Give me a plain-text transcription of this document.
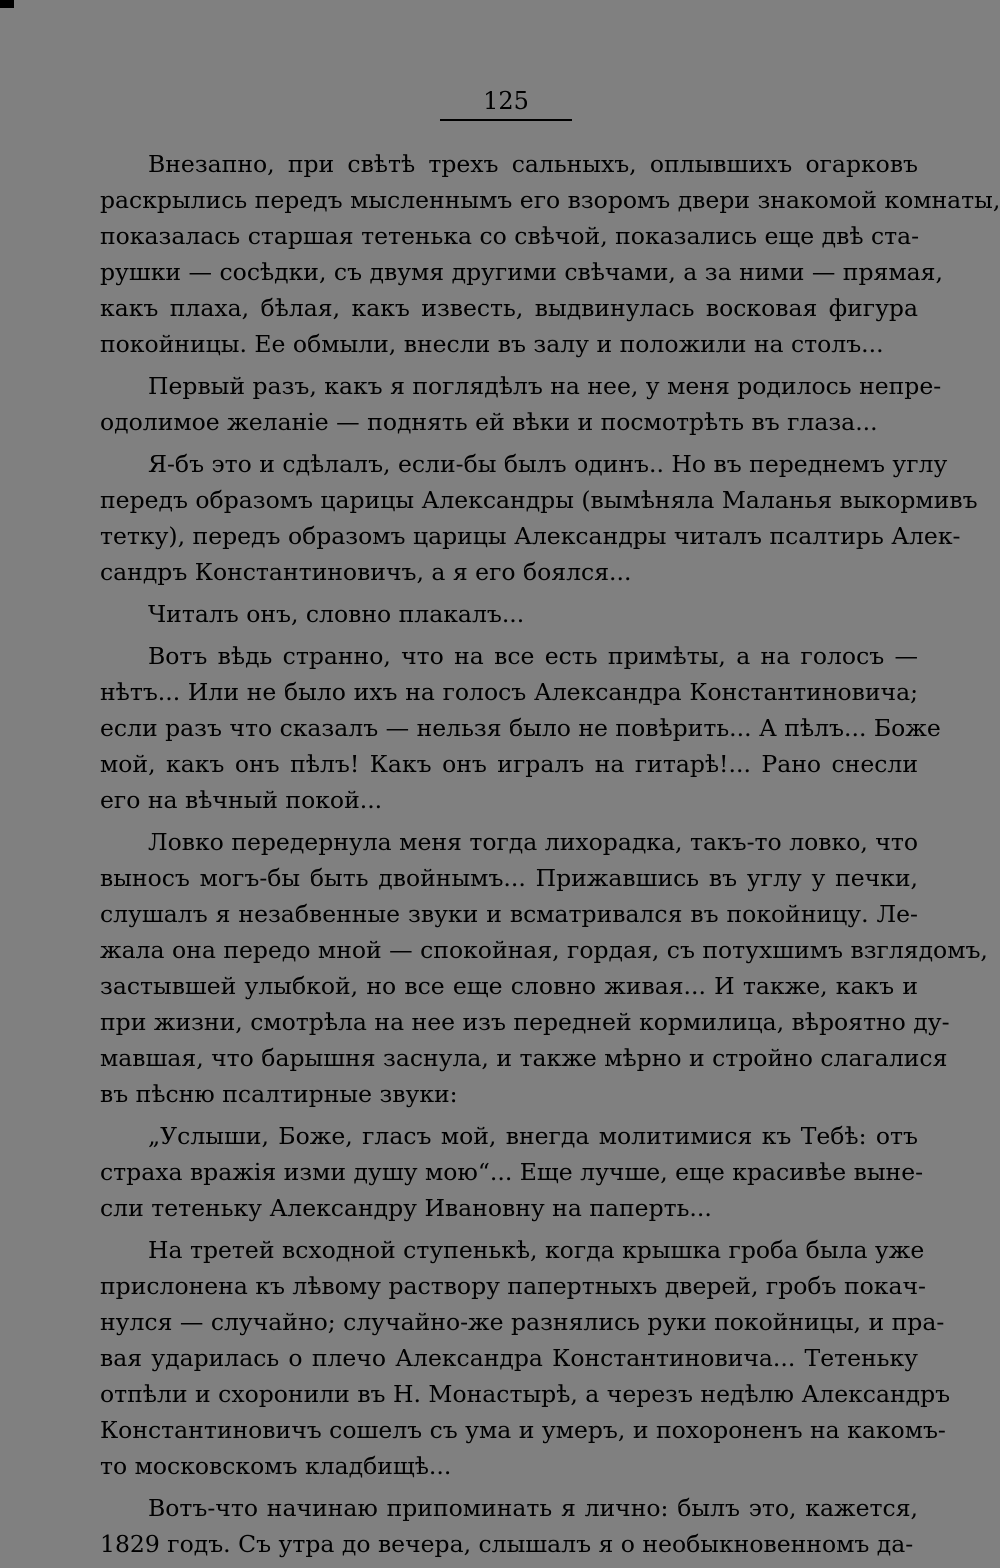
125
Внезапно, при свѣтѣ трехъ сальныхъ, оплывшихъ огарковъ
раскрылись передъ мысленнымъ его взоромъ двери знакомой комнаты,
показалась старшая тетенька со свѣчой, показались еще двѣ ста-
рушки — сосѣдки, съ двумя другими свѣчами, а за ними — прямая,
какъ плаха, бѣлая, какъ известь, выдвинулась восковая фигура
покойницы. Ее обмыли, внесли въ залу и положили на столъ...
Первый разъ, какъ я поглядѣлъ на нее, у меня родилось непре-
одолимое желаніе — поднять ей вѣки и посмотрѣть въ глаза...
Я-бъ это и сдѣлалъ, если-бы былъ одинъ.. Но въ переднемъ углу
передъ образомъ царицы Александры (вымѣняла Маланья выкормивъ
тетку), передъ образомъ царицы Александры читалъ псалтирь Алек-
сандръ Константиновичъ, а я его боялся...
Читалъ онъ, словно плакалъ...
Вотъ вѣдь странно, что на все есть примѣты, а на голосъ —
нѣтъ... Или не было ихъ на голосъ Александра Константиновича;
если разъ что сказалъ — нельзя было не повѣрить... А пѣлъ... Боже
мой, какъ онъ пѣлъ! Какъ онъ игралъ на гитарѣ!... Рано снесли
его на вѣчный покой...
Ловко передернула меня тогда лихорадка, такъ-то ловко, что
выносъ могъ-бы быть двойнымъ... Прижавшись въ углу у печки,
слушалъ я незабвенные звуки и всматривался въ покойницу. Ле-
жала она передо мной — спокойная, гордая, съ потухшимъ взглядомъ,
застывшей улыбкой, но все еще словно живая... И также, какъ и
при жизни, смотрѣла на нее изъ передней кормилица, вѣроятно ду-
мавшая, что барышня заснула, и также мѣрно и стройно слагалися
въ пѣсню псалтирные звуки:
„Услыши, Боже, гласъ мой, внегда молитимися къ Тебѣ: отъ
страха вражія изми душу мою“... Еще лучше, еще красивѣе выне-
сли тетеньку Александру Ивановну на паперть...
На третей всходной ступенькѣ, когда крышка гроба была уже
прислонена къ лѣвому раствору папертныхъ дверей, гробъ покач-
нулся — случайно; случайно-же разнялись руки покойницы, и пра-
вая ударилась о плечо Александра Константиновича... Тетеньку
отпѣли и схоронили въ Н. Монастырѣ, а черезъ недѣлю Александръ
Константиновичъ сошелъ съ ума и умеръ, и похороненъ на какомъ-
то московскомъ кладбищѣ...
Вотъ-что начинаю припоминать я лично: былъ это, кажется,
1829 годъ. Съ утра до вечера, слышалъ я о необыкновенномъ да-
